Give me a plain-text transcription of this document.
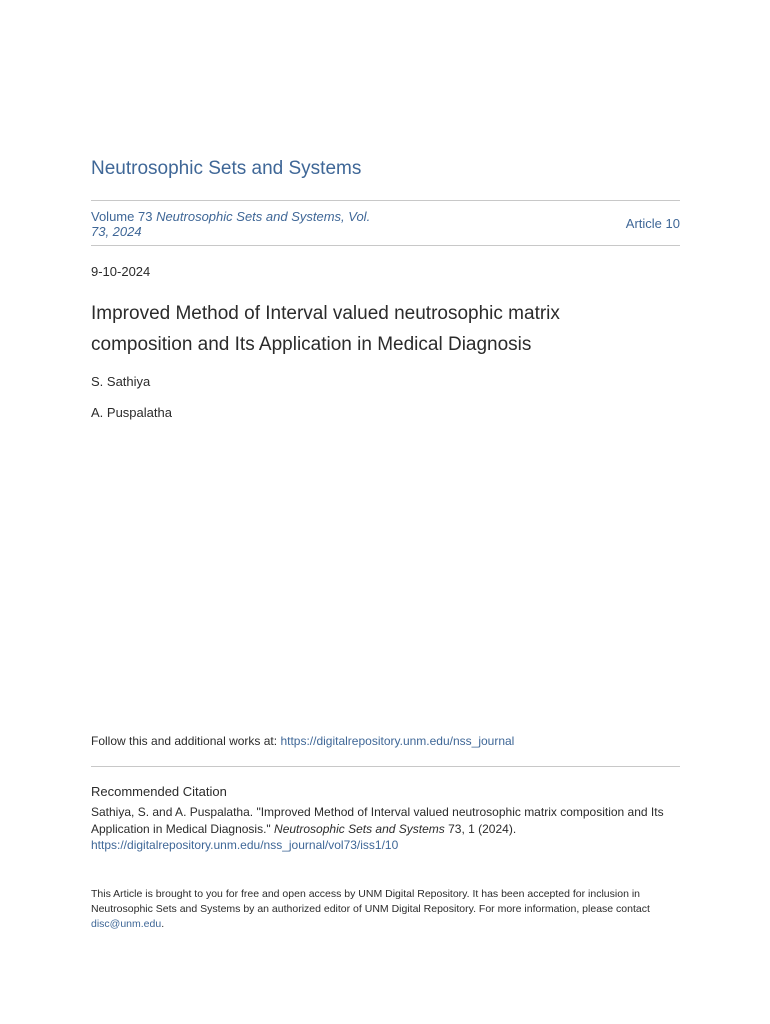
Neutrosophic Sets and Systems
Volume 73 Neutrosophic Sets and Systems, Vol. 73, 2024
Article 10
9-10-2024
Improved Method of Interval valued neutrosophic matrix composition and Its Application in Medical Diagnosis
S. Sathiya
A. Puspalatha
Follow this and additional works at: https://digitalrepository.unm.edu/nss_journal
Recommended Citation
Sathiya, S. and A. Puspalatha. "Improved Method of Interval valued neutrosophic matrix composition and Its Application in Medical Diagnosis." Neutrosophic Sets and Systems 73, 1 (2024).
https://digitalrepository.unm.edu/nss_journal/vol73/iss1/10
This Article is brought to you for free and open access by UNM Digital Repository. It has been accepted for inclusion in Neutrosophic Sets and Systems by an authorized editor of UNM Digital Repository. For more information, please contact disc@unm.edu.
